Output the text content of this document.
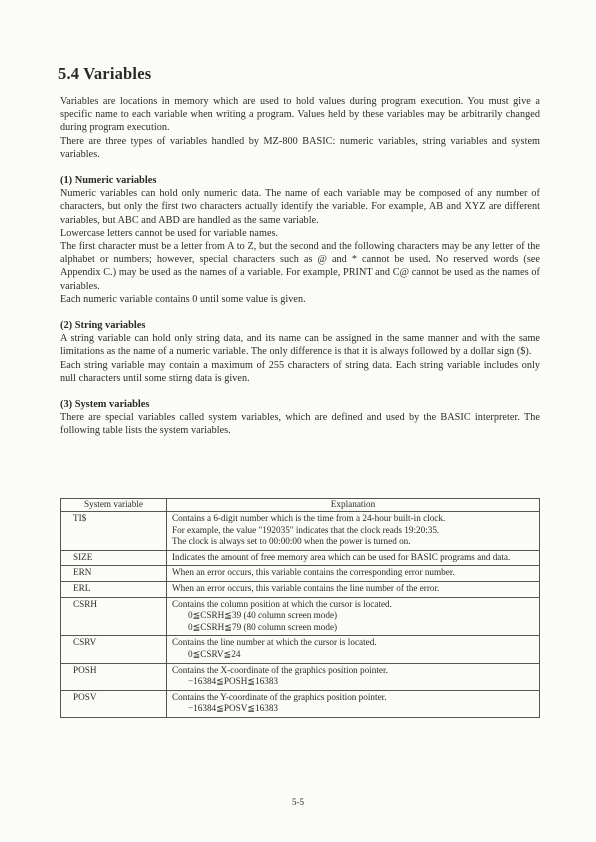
5.4 Variables

Variables are locations in memory which are used to hold values during program execution. You must give a specific name to each variable when writing a program. Values held by these variables may be arbitrarily changed during program execution.

There are three types of variables handled by MZ-800 BASIC: numeric variables, string variables and system variables.

(1) Numeric variables

Numeric variables can hold only numeric data. The name of each variable may be composed of any number of characters, but only the first two characters actually identify the variable. For example, AB and XYZ are different variables, but ABC and ABD are handled as the same variable.

Lowercase letters cannot be used for variable names.

The first character must be a letter from A to Z, but the second and the following characters may be any letter of the alphabet or numbers; however, special characters such as @ and * cannot be used. No reserved words (see Appendix C.) may be used as the names of a variable. For example, PRINT and C@ cannot be used as the names of variables.

Each numeric variable contains 0 until some value is given.

(2) String variables

A string variable can hold only string data, and its name can be assigned in the same manner and with the same limitations as the name of a numeric variable. The only difference is that it is always followed by a dollar sign ($).

Each string variable may contain a maximum of 255 characters of string data. Each string variable includes only null characters until some stirng data is given.

(3) System variables

There are special variables called system variables, which are defined and used by the BASIC interpreter. The following table lists the system variables.

System variable	Explanation
TI$	Contains a 6-digit number which is the time from a 24-hour built-in clock.
For example, the value "192035" indicates that the clock reads 19:20:35.
The clock is always set to 00:00:00 when the power is turned on.

SIZE	Indicates the amount of free memory area which can be used for BASIC programs and data.

ERN	When an error occurs, this variable contains the corresponding error number.

ERL	When an error occurs, this variable contains the line number of the error.

CSRH	Contains the column position at which the cursor is located.
0≦CSRH≦39 (40 column screen mode)
0≦CSRH≦79 (80 column screen mode)

CSRV	Contains the line number at which the cursor is located.
0≦CSRV≦24

POSH	Contains the X-coordinate of the graphics position pointer.
−16384≦POSH≦16383

POSV	Contains the Y-coordinate of the graphics position pointer.
−16384≦POSV≦16383
5-5
